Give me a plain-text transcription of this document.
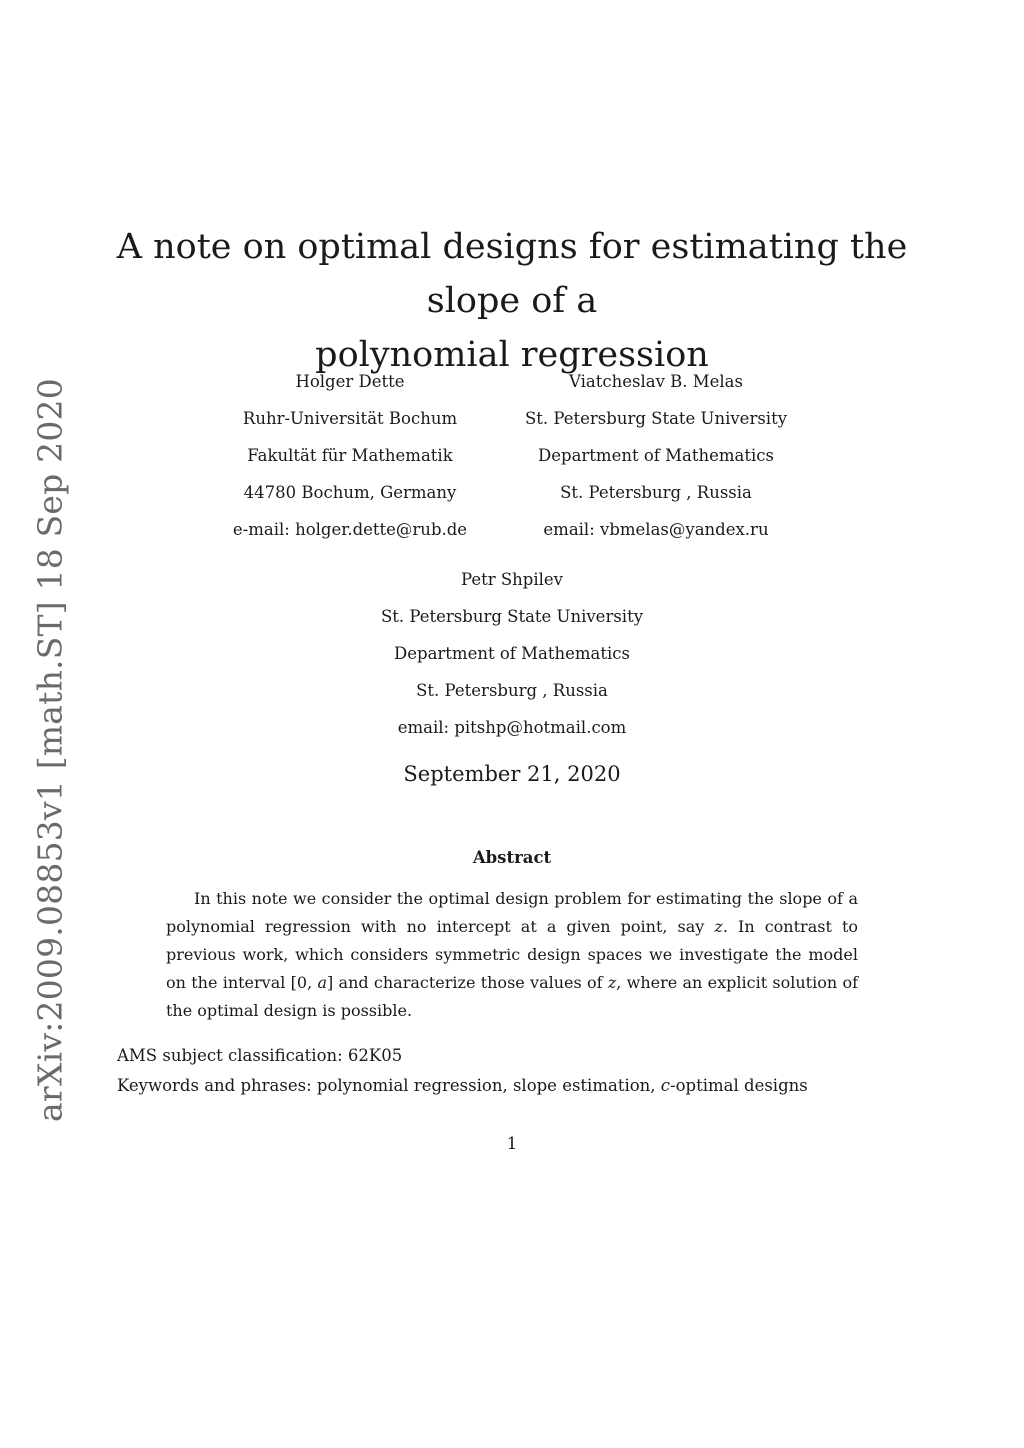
arXiv:2009.08853v1 [math.ST] 18 Sep 2020
A note on optimal designs for estimating the slope of a
polynomial regression
Holger Dette
Ruhr-Universität Bochum
Fakultät für Mathematik
44780 Bochum, Germany
e-mail: holger.dette@rub.de
Viatcheslav B. Melas
St. Petersburg State University
Department of Mathematics
St. Petersburg , Russia
email: vbmelas@yandex.ru
Petr Shpilev
St. Petersburg State University
Department of Mathematics
St. Petersburg , Russia
email: pitshp@hotmail.com
September 21, 2020
Abstract

In this note we consider the optimal design problem for estimating the slope of a polynomial regression with no intercept at a given point, say z. In contrast to previous work, which considers symmetric design spaces we investigate the model on the interval [0, a] and characterize those values of z, where an explicit solution of the optimal design is possible.

AMS subject classification: 62K05
Keywords and phrases: polynomial regression, slope estimation, c-optimal designs
1
